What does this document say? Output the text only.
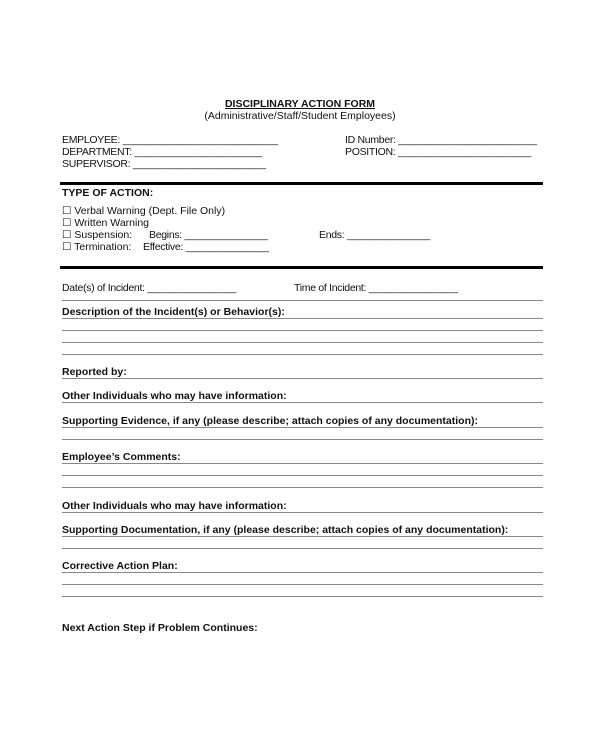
DISCIPLINARY ACTION FORM
(Administrative/Staff/Student Employees)
EMPLOYEE: ____________________________
DEPARTMENT: _______________________
SUPERVISOR: ________________________
ID Number: _________________________
POSITION: ________________________
TYPE OF ACTION:
☐ Verbal Warning (Dept. File Only)
☐ Written Warning
☐ Suspension: Begins: _______________	Ends: _______________
☐ Termination: Effective: _______________
Date(s) of Incident: ________________	Time of Incident: ________________
Description of the Incident(s) or Behavior(s):
Reported by:
Other Individuals who may have information:
Supporting Evidence, if any (please describe; attach copies of any documentation):
Employee’s Comments:
Other Individuals who may have information:
Supporting Documentation, if any (please describe; attach copies of any documentation):
Corrective Action Plan:
Next Action Step if Problem Continues:
